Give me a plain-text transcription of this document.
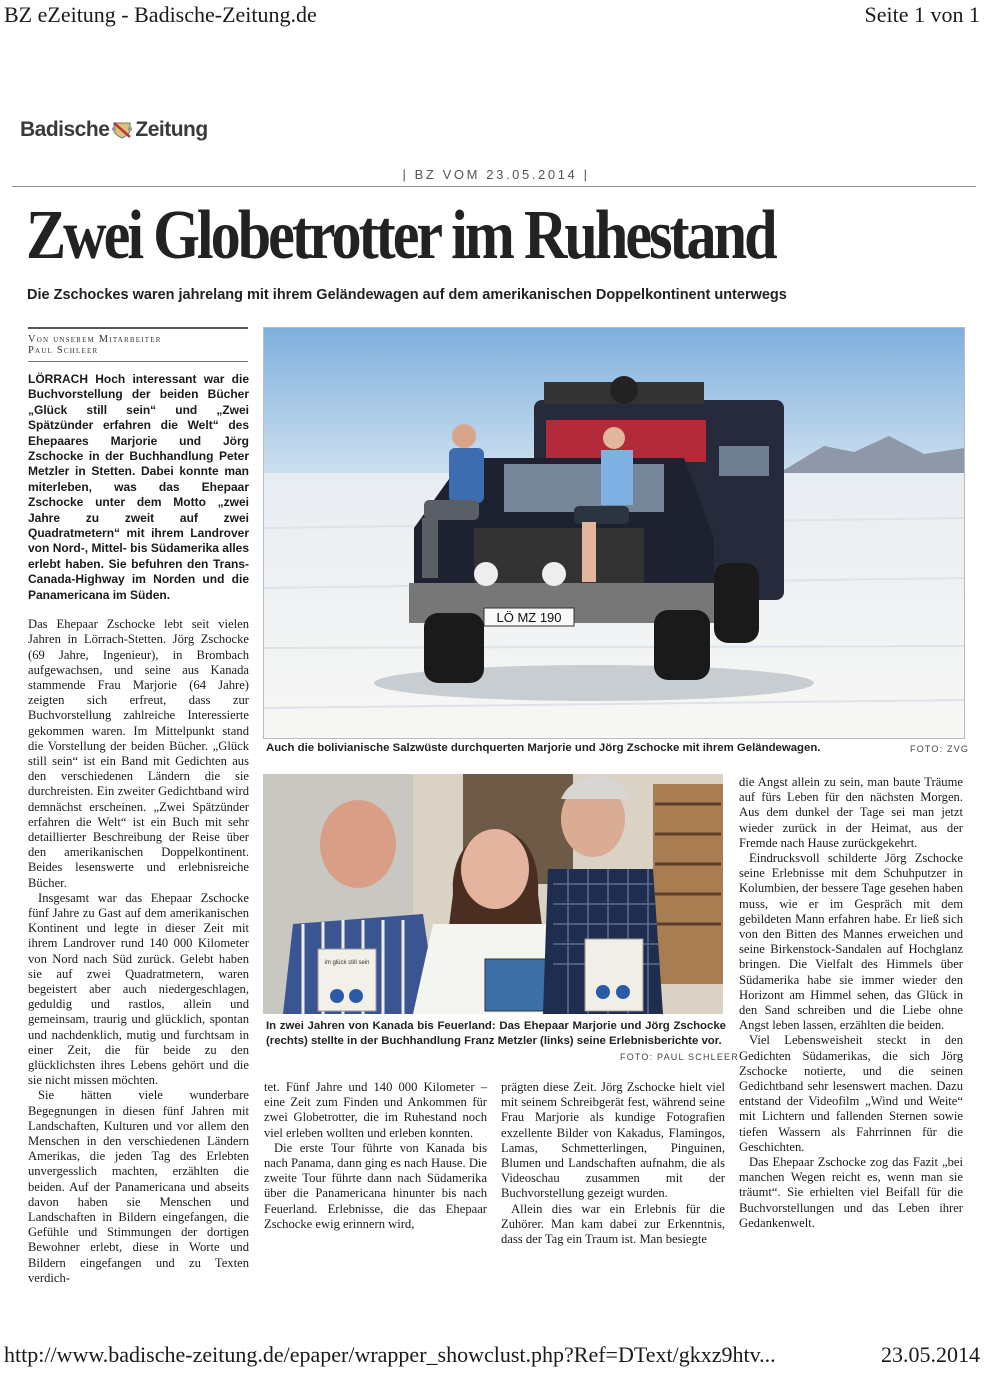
BZ eZeitung - Badische-Zeitung.de	Seite 1 von 1
Badische Zeitung
| BZ VOM 23.05.2014 |
Zwei Globetrotter im Ruhestand
Die Zschockes waren jahrelang mit ihrem Geländewagen auf dem amerikanischen Doppelkontinent unterwegs
Von unserem Mitarbeiter
Paul Schleer

LÖRRACH Hoch interessant war die Buchvorstellung der beiden Bücher „Glück still sein“ und „Zwei Spätzünder erfahren die Welt“ des Ehepaares Marjorie und Jörg Zschocke in der Buchhandlung Peter Metzler in Stetten. Dabei konnte man miterleben, was das Ehepaar Zschocke unter dem Motto „zwei Jahre zu zweit auf zwei Quadratmetern“ mit ihrem Landrover von Nord-, Mittel- bis Südamerika alles erlebt haben. Sie befuhren den Trans-Canada-Highway im Norden und die Panamericana im Süden.

Das Ehepaar Zschocke lebt seit vielen Jahren in Lörrach-Stetten. Jörg Zschocke (69 Jahre, Ingenieur), in Brombach aufgewachsen, und seine aus Kanada stammende Frau Marjorie (64 Jahre) zeigten sich erfreut, dass zur Buchvorstellung zahlreiche Interessierte gekommen waren. Im Mittelpunkt stand die Vorstellung der beiden Bücher. „Glück still sein“ ist ein Band mit Gedichten aus den verschiedenen Ländern die sie durchreisten. Ein zweiter Gedichtband wird demnächst erscheinen. „Zwei Spätzünder erfahren die Welt“ ist ein Buch mit sehr detaillierter Beschreibung der Reise über den amerikanischen Doppelkontinent. Beides lesenswerte und erlebnisreiche Bücher.

Insgesamt war das Ehepaar Zschocke fünf Jahre zu Gast auf dem amerikanischen Kontinent und legte in dieser Zeit mit ihrem Landrover rund 140 000 Kilometer von Nord nach Süd zurück. Gelebt haben sie auf zwei Quadratmetern, waren begeistert aber auch niedergeschlagen, geduldig und rastlos, allein und gemeinsam, traurig und glücklich, spontan und nachdenklich, mutig und furchtsam in einer Zeit, die für beide zu den glücklichsten ihres Lebens gehört und die sie nicht missen möchten.

Sie hätten viele wunderbare Begegnungen in diesen fünf Jahren mit Landschaften, Kulturen und vor allem den Menschen in den verschiedenen Ländern Amerikas, die jeden Tag des Erlebten unvergesslich machten, erzählten die beiden. Auf der Panamericana und abseits davon haben sie Menschen und Landschaften in Bildern eingefangen, die Gefühle und Stimmungen der dortigen Bewohner erlebt, diese in Worte und Bildern eingefangen und zu Texten verdich-

LÖ MZ 190
Auch die bolivianische Salzwüste durchquerten Marjorie und Jörg Zschocke mit ihrem Geländewagen.	FOTO: ZVG
im glück still sein
In zwei Jahren von Kanada bis Feuerland: Das Ehepaar Marjorie und Jörg Zschocke (rechts) stellte in der Buchhandlung Franz Metzler (links) seine Erlebnisberichte vor.
FOTO: PAUL SCHLEER

tet. Fünf Jahre und 140 000 Kilometer – eine Zeit zum Finden und Ankommen für zwei Globetrotter, die im Ruhestand noch viel erleben wollten und erleben konnten.

Die erste Tour führte von Kanada bis nach Panama, dann ging es nach Hause. Die zweite Tour führte dann nach Südamerika über die Panamericana hinunter bis nach Feuerland. Erlebnisse, die das Ehepaar Zschocke ewig erinnern wird,

prägten diese Zeit. Jörg Zschocke hielt viel mit seinem Schreibgerät fest, während seine Frau Marjorie als kundige Fotografien exzellente Bilder von Kakadus, Flamingos, Lamas, Schmetterlingen, Pinguinen, Blumen und Landschaften aufnahm, die als Videoschau zusammen mit der Buchvorstellung gezeigt wurden.

Allein dies war ein Erlebnis für die Zuhörer. Man kam dabei zur Erkenntnis, dass der Tag ein Traum ist. Man besiegte

die Angst allein zu sein, man baute Träume auf fürs Leben für den nächsten Morgen. Aus dem dunkel der Tage sei man jetzt wieder zurück in der Heimat, aus der Fremde nach Hause zurückgekehrt.

Eindrucksvoll schilderte Jörg Zschocke seine Erlebnisse mit dem Schuhputzer in Kolumbien, der bessere Tage gesehen haben muss, wie er im Gespräch mit dem gebildeten Mann erfahren habe. Er ließ sich von den Bitten des Mannes erweichen und seine Birkenstock-Sandalen auf Hochglanz bringen. Die Vielfalt des Himmels über Südamerika habe sie immer wieder den Horizont am Himmel sehen, das Glück in den Sand schreiben und die Liebe ohne Angst leben lassen, erzählten die beiden.

Viel Lebensweisheit steckt in den Gedichten Südamerikas, die sich Jörg Zschocke notierte, und die seinen Gedichtband sehr lesenswert machen. Dazu entstand der Videofilm „Wind und Weite“ mit Lichtern und fallenden Sternen sowie tiefen Wassern als Fahrrinnen für die Geschichten.

Das Ehepaar Zschocke zog das Fazit „bei manchen Wegen reicht es, wenn man sie träumt“. Sie erhielten viel Beifall für die Buchvorstellungen und das Leben ihrer Gedankenwelt.

http://www.badische-zeitung.de/epaper/wrapper_showclust.php?Ref=DText/gkxz9htv...	23.05.2014
